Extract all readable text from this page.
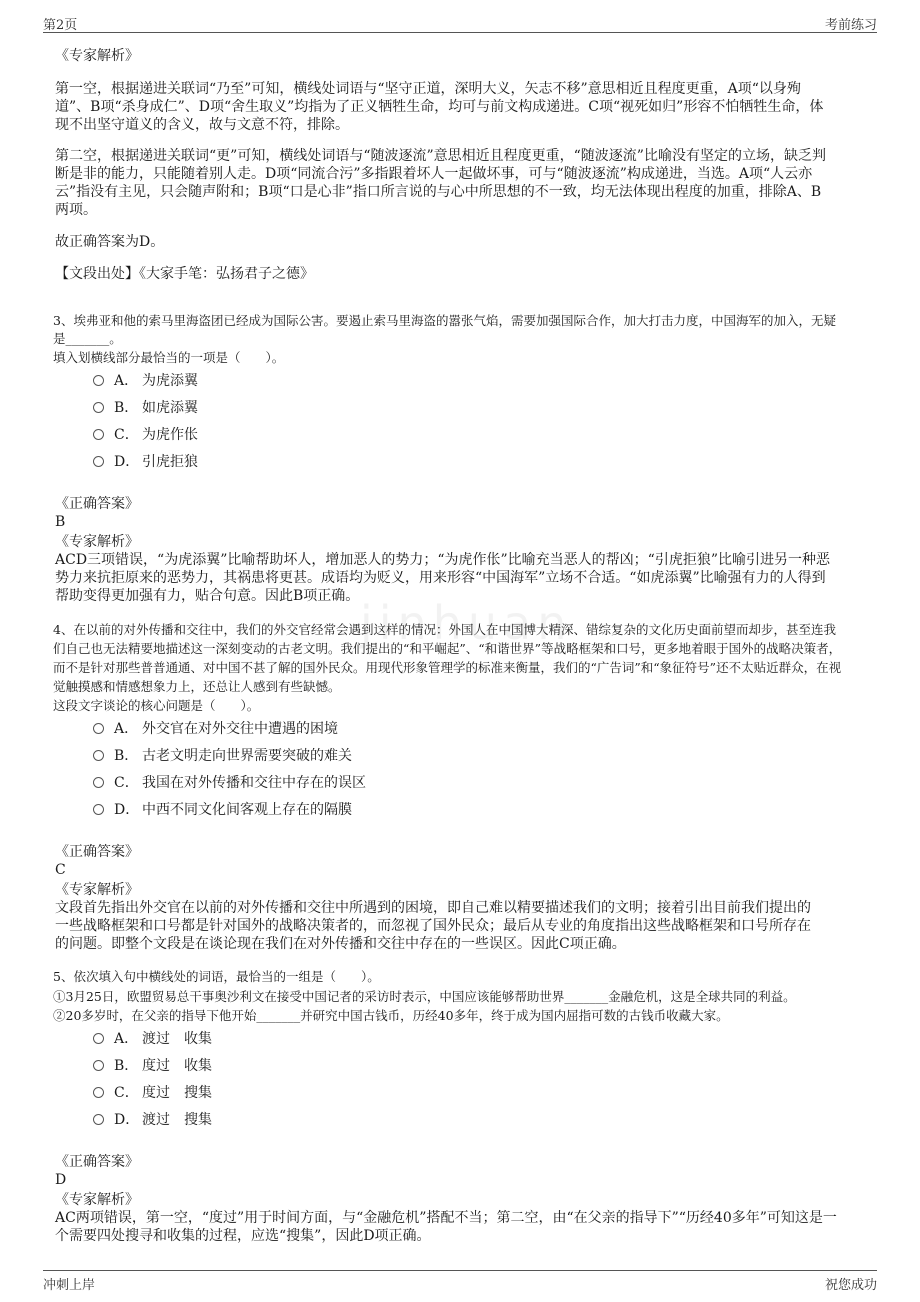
第2页	考前练习
jinhuan
《专家解析》
第一空，根据递进关联词“乃至”可知，横线处词语与“坚守正道，深明大义，矢志不移”意思相近且程度更重，A项“以身殉
道”、B项“杀身成仁”、D项“舍生取义”均指为了正义牺牲生命，均可与前文构成递进。C项“视死如归”形容不怕牺牲生命，体
现不出坚守道义的含义，故与文意不符，排除。
第二空，根据递进关联词“更”可知，横线处词语与“随波逐流”意思相近且程度更重，“随波逐流”比喻没有坚定的立场，缺乏判
断是非的能力，只能随着别人走。D项“同流合污”多指跟着坏人一起做坏事，可与“随波逐流”构成递进，当选。A项“人云亦
云”指没有主见，只会随声附和；B项“口是心非”指口所言说的与心中所思想的不一致，均无法体现出程度的加重，排除A、B
两项。
故正确答案为D。
【文段出处】《大家手笔：弘扬君子之德》
3、埃弗亚和他的索马里海盗团已经成为国际公害。要遏止索马里海盗的嚣张气焰，需要加强国际合作，加大打击力度，中国海军的加入，无疑
是_______。
填入划横线部分最恰当的一项是（　　）。
A． 为虎添翼
B． 如虎添翼
C． 为虎作伥
D． 引虎拒狼
《正确答案》
B
《专家解析》
ACD三项错误，“为虎添翼”比喻帮助坏人，增加恶人的势力；“为虎作伥”比喻充当恶人的帮凶；“引虎拒狼”比喻引进另一种恶
势力来抗拒原来的恶势力，其祸患将更甚。成语均为贬义，用来形容“中国海军”立场不合适。“如虎添翼”比喻强有力的人得到
帮助变得更加强有力，贴合句意。因此B项正确。
4、在以前的对外传播和交往中，我们的外交官经常会遇到这样的情况：外国人在中国博大精深、错综复杂的文化历史面前望而却步，甚至连我
们自己也无法精要地描述这一深刻变动的古老文明。我们提出的“和平崛起”、“和谐世界”等战略框架和口号，更多地着眼于国外的战略决策者，
而不是针对那些普普通通、对中国不甚了解的国外民众。用现代形象管理学的标准来衡量，我们的“广告词”和“象征符号”还不太贴近群众，在视
觉触摸感和情感想象力上，还总让人感到有些缺憾。
这段文字谈论的核心问题是（　　）。
A． 外交官在对外交往中遭遇的困境
B． 古老文明走向世界需要突破的难关
C． 我国在对外传播和交往中存在的误区
D． 中西不同文化间客观上存在的隔膜
《正确答案》
C
《专家解析》
文段首先指出外交官在以前的对外传播和交往中所遇到的困境，即自己难以精要描述我们的文明；接着引出目前我们提出的
一些战略框架和口号都是针对国外的战略决策者的，而忽视了国外民众；最后从专业的角度指出这些战略框架和口号所存在
的问题。即整个文段是在谈论现在我们在对外传播和交往中存在的一些误区。因此C项正确。
5、依次填入句中横线处的词语，最恰当的一组是（　　）。
①3月25日，欧盟贸易总干事奥沙利文在接受中国记者的采访时表示，中国应该能够帮助世界_______金融危机，这是全球共同的利益。
②20多岁时，在父亲的指导下他开始_______并研究中国古钱币，历经40多年，终于成为国内屈指可数的古钱币收藏大家。
A． 渡过　收集
B． 度过　收集
C． 度过　搜集
D． 渡过　搜集
《正确答案》
D
《专家解析》
AC两项错误，第一空，“度过”用于时间方面，与“金融危机”搭配不当；第二空，由“在父亲的指导下”“历经40多年”可知这是一
个需要四处搜寻和收集的过程，应选“搜集”，因此D项正确。
冲刺上岸	祝您成功
